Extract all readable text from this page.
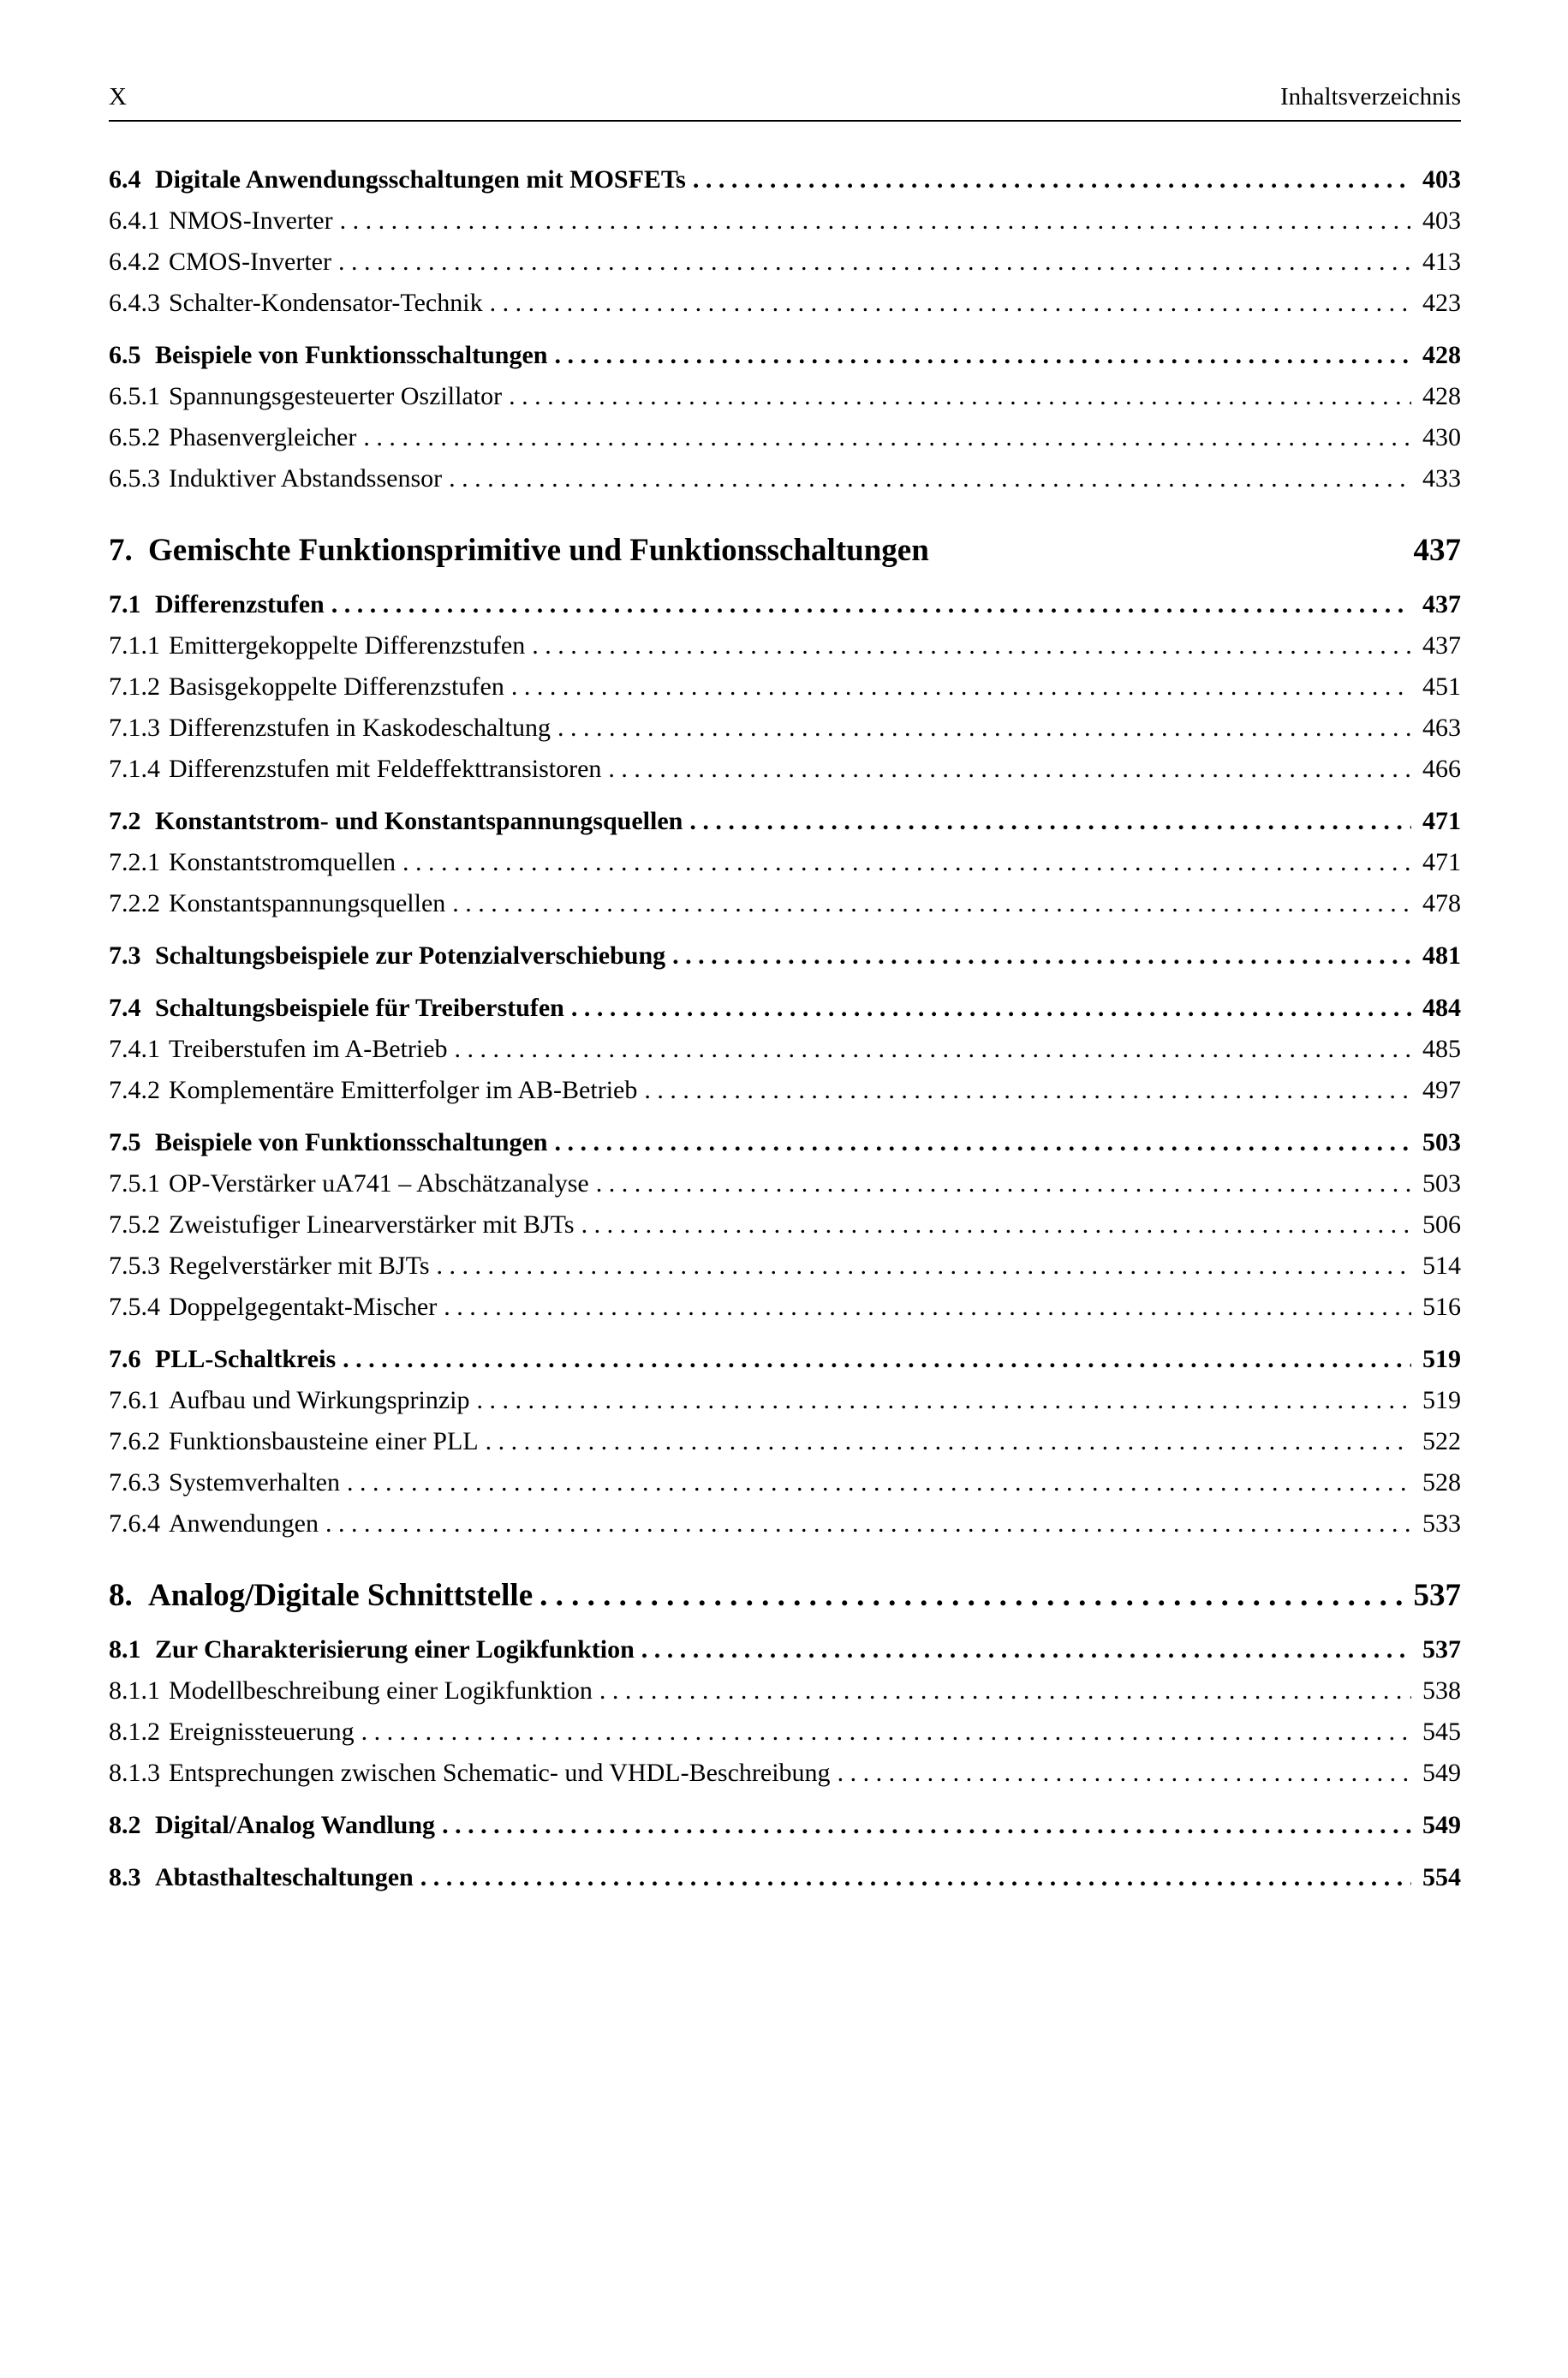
X	Inhaltsverzeichnis
6.4 Digitale Anwendungsschaltungen mit MOSFETs . . .	403
6.4.1 NMOS-Inverter . . .	403
6.4.2 CMOS-Inverter . . .	413
6.4.3 Schalter-Kondensator-Technik . . .	423
6.5 Beispiele von Funktionsschaltungen . . .	428
6.5.1 Spannungsgesteuerter Oszillator . . .	428
6.5.2 Phasenvergleicher . . .	430
6.5.3 Induktiver Abstandssensor . . .	433
7. Gemischte Funktionsprimitive und Funktionsschaltungen	437
7.1 Differenzstufen . . .	437
7.1.1 Emittergekoppelte Differenzstufen . . .	437
7.1.2 Basisgekoppelte Differenzstufen . . .	451
7.1.3 Differenzstufen in Kaskodeschaltung . . .	463
7.1.4 Differenzstufen mit Feldeffekttransistoren . . .	466
7.2 Konstantstrom- und Konstantspannungsquellen . . .	471
7.2.1 Konstantstromquellen . . .	471
7.2.2 Konstantspannungsquellen . . .	478
7.3 Schaltungsbeispiele zur Potenzialverschiebung . . .	481
7.4 Schaltungsbeispiele für Treiberstufen . . .	484
7.4.1 Treiberstufen im A-Betrieb . . .	485
7.4.2 Komplementäre Emitterfolger im AB-Betrieb . . .	497
7.5 Beispiele von Funktionsschaltungen . . .	503
7.5.1 OP-Verstärker uA741 – Abschätzanalyse . . .	503
7.5.2 Zweistufiger Linearverstärker mit BJTs . . .	506
7.5.3 Regelverstärker mit BJTs . . .	514
7.5.4 Doppelgegentakt-Mischer . . .	516
7.6 PLL-Schaltkreis . . .	519
7.6.1 Aufbau und Wirkungsprinzip . . .	519
7.6.2 Funktionsbausteine einer PLL . . .	522
7.6.3 Systemverhalten . . .	528
7.6.4 Anwendungen . . .	533
8. Analog/Digitale Schnittstelle . . .	537
8.1 Zur Charakterisierung einer Logikfunktion . . .	537
8.1.1 Modellbeschreibung einer Logikfunktion . . .	538
8.1.2 Ereignissteuerung . . .	545
8.1.3 Entsprechungen zwischen Schematic- und VHDL-Beschreibung . . .	549
8.2 Digital/Analog Wandlung . . .	549
8.3 Abtasthalteschaltungen . . .	554
